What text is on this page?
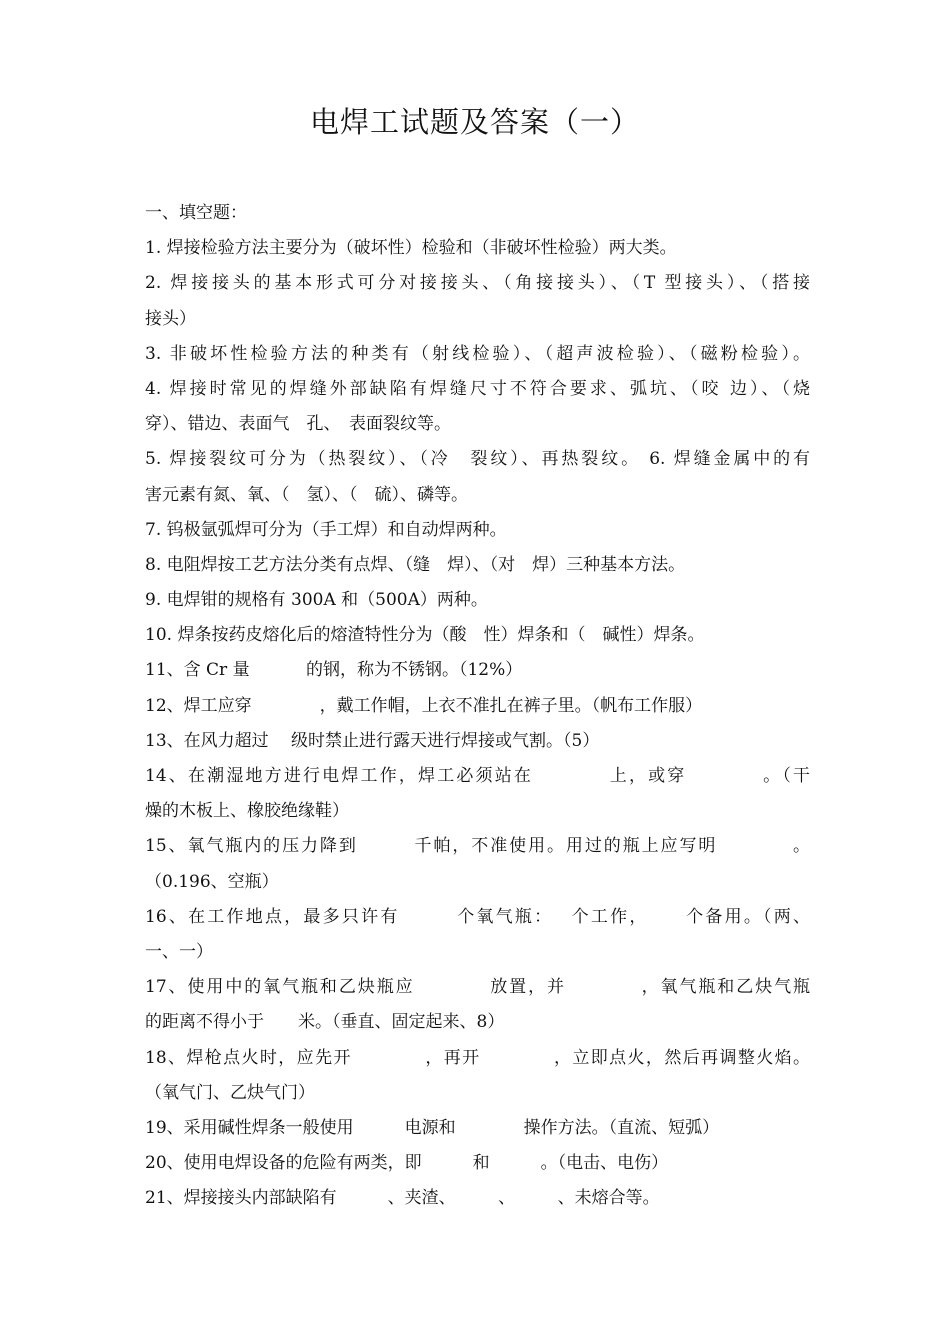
电焊工试题及答案（一）
一、填空题：
1. 焊接检验方法主要分为（破坏性）检验和（非破坏性检验）两大类。
2. 焊接接头的基本形式可分对接接头、（角接接头）、（T 型接头）、（搭接
接头）
3. 非破坏性检验方法的种类有（射线检验）、（超声波检验）、（磁粉检验）。
4. 焊接时常见的焊缝外部缺陷有焊缝尺寸不符合要求、弧坑、（咬 边）、（烧
穿）、错边、表面气　孔、　表面裂纹等。
5. 焊接裂纹可分为（热裂纹）、（冷　裂纹）、再热裂纹。 6. 焊缝金属中的有
害元素有氮、氧、（　氢）、（　硫）、磷等。
7. 钨极氩弧焊可分为（手工焊）和自动焊两种。
8. 电阻焊按工艺方法分类有点焊、（缝　焊）、（对　焊）三种基本方法。
9. 电焊钳的规格有 300A 和（500A）两种。
10. 焊条按药皮熔化后的熔渣特性分为（酸　性）焊条和（　碱性）焊条。
11、含 Cr 量　　　 的钢，称为不锈钢。（12%）
12、焊工应穿　　　　，戴工作帽，上衣不准扎在裤子里。（帆布工作服）
13、在风力超过　 级时禁止进行露天进行焊接或气割。（5）
14、在潮湿地方进行电焊工作，焊工必须站在　　　　上，或穿　　　　。（干
燥的木板上、橡胶绝缘鞋）
15、氧气瓶内的压力降到　　　千帕，不准使用。用过的瓶上应写明　　　　。
（0.196、空瓶）
16、在工作地点，最多只许有　　　个氧气瓶：　 个工作，　　 个备用。（两、
一、一）
17、使用中的氧气瓶和乙炔瓶应　　　　放置，并　　　　，氧气瓶和乙炔气瓶
的距离不得小于　　米。（垂直、固定起来、8）
18、焊枪点火时，应先开　　　　，再开　　　　，立即点火，然后再调整火焰。
（氧气门、乙炔气门）
19、采用碱性焊条一般使用　　　电源和　　　　操作方法。（直流、短弧）
20、使用电焊设备的危险有两类，即　　　和　　　。（电击、电伤）
21、焊接接头内部缺陷有　　　、夹渣、　　　、　　　、未熔合等。
